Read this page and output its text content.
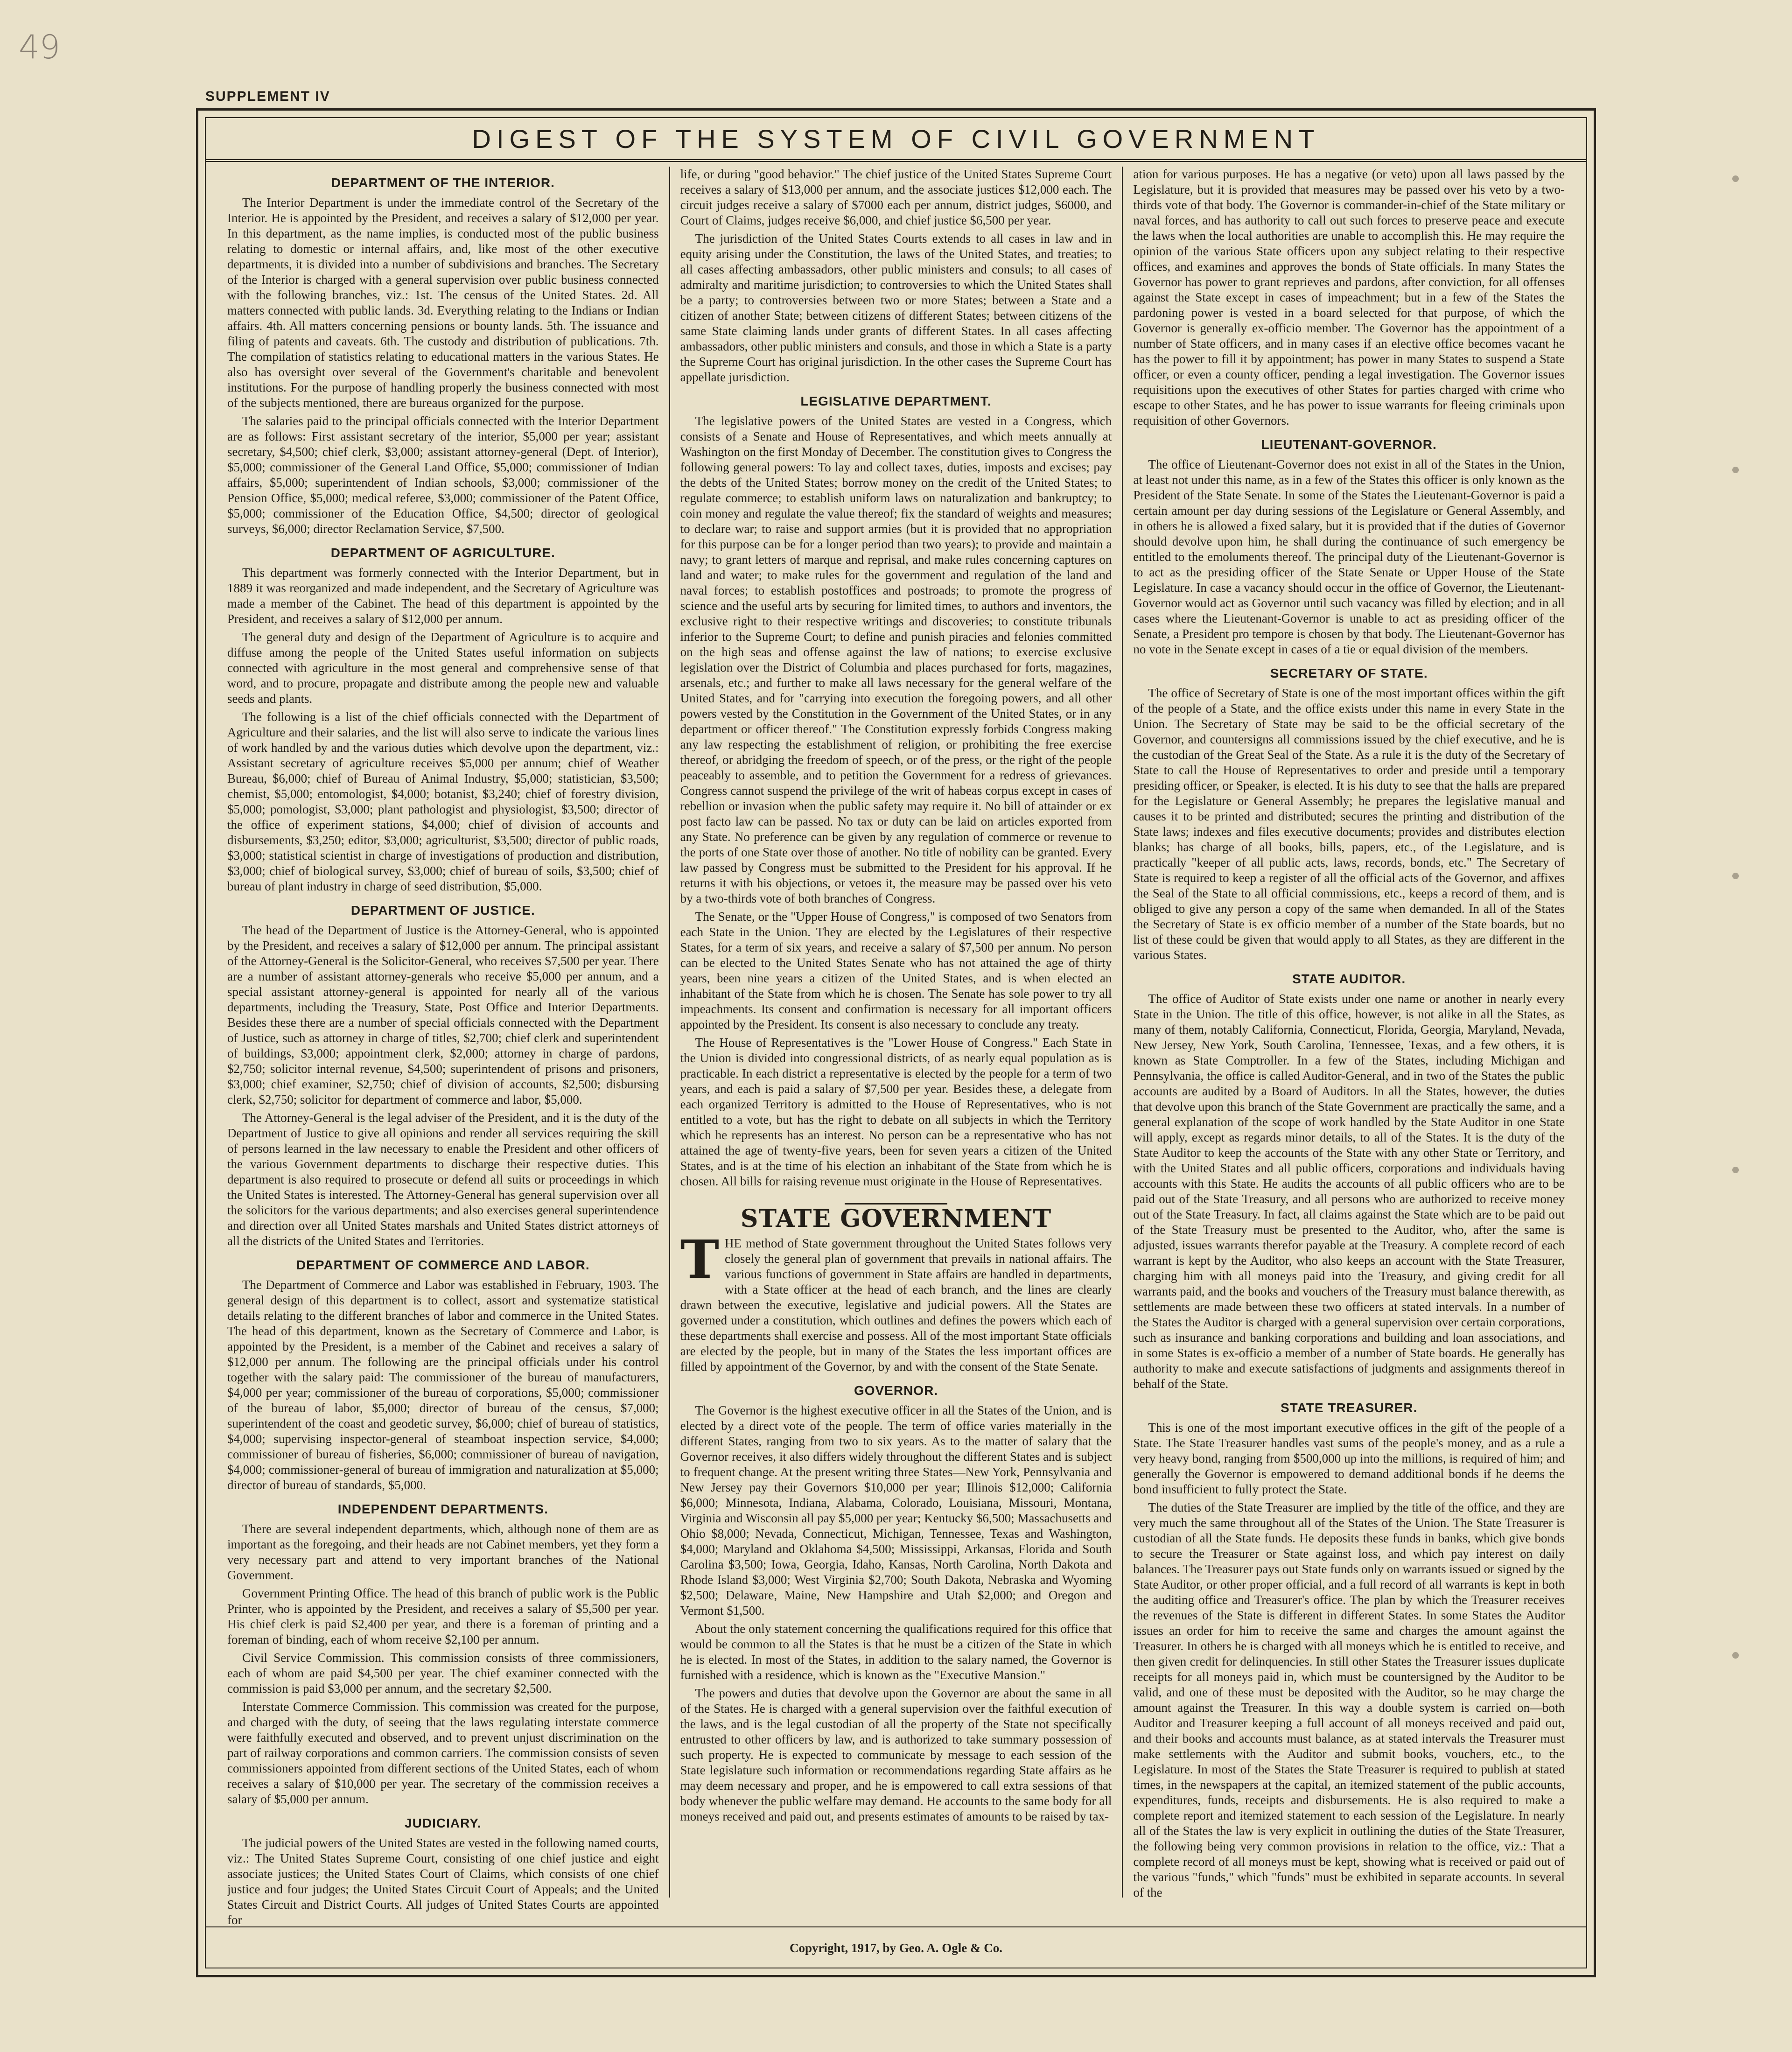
49
SUPPLEMENT IV
DIGEST OF THE SYSTEM OF CIVIL GOVERNMENT
DEPARTMENT OF THE INTERIOR.

The Interior Department is under the immediate control of the Secretary of the Interior. He is appointed by the President, and receives a salary of $12,000 per year. In this department, as the name implies, is conducted most of the public business relating to domestic or internal affairs, and, like most of the other executive departments, it is divided into a number of subdivisions and branches. The Secretary of the Interior is charged with a general supervision over public business connected with the following branches, viz.: 1st. The census of the United States. 2d. All matters connected with public lands. 3d. Everything relating to the Indians or Indian affairs. 4th. All matters concerning pensions or bounty lands. 5th. The issuance and filing of patents and caveats. 6th. The custody and distribution of publications. 7th. The compilation of statistics relating to educational matters in the various States. He also has oversight over several of the Government's charitable and benevolent institutions. For the purpose of handling properly the business connected with most of the subjects mentioned, there are bureaus organized for the purpose.

The salaries paid to the principal officials connected with the Interior Department are as follows: First assistant secretary of the interior, $5,000 per year; assistant secretary, $4,500; chief clerk, $3,000; assistant attorney-general (Dept. of Interior), $5,000; commissioner of the General Land Office, $5,000; commissioner of Indian affairs, $5,000; superintendent of Indian schools, $3,000; commissioner of the Pension Office, $5,000; medical referee, $3,000; commissioner of the Patent Office, $5,000; commissioner of the Education Office, $4,500; director of geological surveys, $6,000; director Reclamation Service, $7,500.

DEPARTMENT OF AGRICULTURE.

This department was formerly connected with the Interior Department, but in 1889 it was reorganized and made independent, and the Secretary of Agriculture was made a member of the Cabinet. The head of this department is appointed by the President, and receives a salary of $12,000 per annum.

The general duty and design of the Department of Agriculture is to acquire and diffuse among the people of the United States useful information on subjects connected with agriculture in the most general and comprehensive sense of that word, and to procure, propagate and distribute among the people new and valuable seeds and plants.

The following is a list of the chief officials connected with the Department of Agriculture and their salaries, and the list will also serve to indicate the various lines of work handled by and the various duties which devolve upon the department, viz.: Assistant secretary of agriculture receives $5,000 per annum; chief of Weather Bureau, $6,000; chief of Bureau of Animal Industry, $5,000; statistician, $3,500; chemist, $5,000; entomologist, $4,000; botanist, $3,240; chief of forestry division, $5,000; pomologist, $3,000; plant pathologist and physiologist, $3,500; director of the office of experiment stations, $4,000; chief of division of accounts and disbursements, $3,250; editor, $3,000; agriculturist, $3,500; director of public roads, $3,000; statistical scientist in charge of investigations of production and distribution, $3,000; chief of biological survey, $3,000; chief of bureau of soils, $3,500; chief of bureau of plant industry in charge of seed distribution, $5,000.

DEPARTMENT OF JUSTICE.

The head of the Department of Justice is the Attorney-General, who is appointed by the President, and receives a salary of $12,000 per annum. The principal assistant of the Attorney-General is the Solicitor-General, who receives $7,500 per year. There are a number of assistant attorney-generals who receive $5,000 per annum, and a special assistant attorney-general is appointed for nearly all of the various departments, including the Treasury, State, Post Office and Interior Departments. Besides these there are a number of special officials connected with the Department of Justice, such as attorney in charge of titles, $2,700; chief clerk and superintendent of buildings, $3,000; appointment clerk, $2,000; attorney in charge of pardons, $2,750; solicitor internal revenue, $4,500; superintendent of prisons and prisoners, $3,000; chief examiner, $2,750; chief of division of accounts, $2,500; disbursing clerk, $2,750; solicitor for department of commerce and labor, $5,000.

The Attorney-General is the legal adviser of the President, and it is the duty of the Department of Justice to give all opinions and render all services requiring the skill of persons learned in the law necessary to enable the President and other officers of the various Government departments to discharge their respective duties. This department is also required to prosecute or defend all suits or proceedings in which the United States is interested. The Attorney-General has general supervision over all the solicitors for the various departments; and also exercises general superintendence and direction over all United States marshals and United States district attorneys of all the districts of the United States and Territories.

DEPARTMENT OF COMMERCE AND LABOR.

The Department of Commerce and Labor was established in February, 1903. The general design of this department is to collect, assort and systematize statistical details relating to the different branches of labor and commerce in the United States. The head of this department, known as the Secretary of Commerce and Labor, is appointed by the President, is a member of the Cabinet and receives a salary of $12,000 per annum. The following are the principal officials under his control together with the salary paid: The commissioner of the bureau of manufacturers, $4,000 per year; commissioner of the bureau of corporations, $5,000; commissioner of the bureau of labor, $5,000; director of bureau of the census, $7,000; superintendent of the coast and geodetic survey, $6,000; chief of bureau of statistics, $4,000; supervising inspector-general of steamboat inspection service, $4,000; commissioner of bureau of fisheries, $6,000; commissioner of bureau of navigation, $4,000; commissioner-general of bureau of immigration and naturalization at $5,000; director of bureau of standards, $5,000.

INDEPENDENT DEPARTMENTS.

There are several independent departments, which, although none of them are as important as the foregoing, and their heads are not Cabinet members, yet they form a very necessary part and attend to very important branches of the National Government.

Government Printing Office. The head of this branch of public work is the Public Printer, who is appointed by the President, and receives a salary of $5,500 per year. His chief clerk is paid $2,400 per year, and there is a foreman of printing and a foreman of binding, each of whom receive $2,100 per annum.

Civil Service Commission. This commission consists of three commissioners, each of whom are paid $4,500 per year. The chief examiner connected with the commission is paid $3,000 per annum, and the secretary $2,500.

Interstate Commerce Commission. This commission was created for the purpose, and charged with the duty, of seeing that the laws regulating interstate commerce were faithfully executed and observed, and to prevent unjust discrimination on the part of railway corporations and common carriers. The commission consists of seven commissioners appointed from different sections of the United States, each of whom receives a salary of $10,000 per year. The secretary of the commission receives a salary of $5,000 per annum.

JUDICIARY.

The judicial powers of the United States are vested in the following named courts, viz.: The United States Supreme Court, consisting of one chief justice and eight associate justices; the United States Court of Claims, which consists of one chief justice and four judges; the United States Circuit Court of Appeals; and the United States Circuit and District Courts. All judges of United States Courts are appointed for

life, or during "good behavior." The chief justice of the United States Supreme Court receives a salary of $13,000 per annum, and the associate justices $12,000 each. The circuit judges receive a salary of $7000 each per annum, district judges, $6000, and Court of Claims, judges receive $6,000, and chief justice $6,500 per year.

The jurisdiction of the United States Courts extends to all cases in law and in equity arising under the Constitution, the laws of the United States, and treaties; to all cases affecting ambassadors, other public ministers and consuls; to all cases of admiralty and maritime jurisdiction; to controversies to which the United States shall be a party; to controversies between two or more States; between a State and a citizen of another State; between citizens of different States; between citizens of the same State claiming lands under grants of different States. In all cases affecting ambassadors, other public ministers and consuls, and those in which a State is a party the Supreme Court has original jurisdiction. In the other cases the Supreme Court has appellate jurisdiction.

LEGISLATIVE DEPARTMENT.

The legislative powers of the United States are vested in a Congress, which consists of a Senate and House of Representatives, and which meets annually at Washington on the first Monday of December. The constitution gives to Congress the following general powers: To lay and collect taxes, duties, imposts and excises; pay the debts of the United States; borrow money on the credit of the United States; to regulate commerce; to establish uniform laws on naturalization and bankruptcy; to coin money and regulate the value thereof; fix the standard of weights and measures; to declare war; to raise and support armies (but it is provided that no appropriation for this purpose can be for a longer period than two years); to provide and maintain a navy; to grant letters of marque and reprisal, and make rules concerning captures on land and water; to make rules for the government and regulation of the land and naval forces; to establish postoffices and postroads; to promote the progress of science and the useful arts by securing for limited times, to authors and inventors, the exclusive right to their respective writings and discoveries; to constitute tribunals inferior to the Supreme Court; to define and punish piracies and felonies committed on the high seas and offense against the law of nations; to exercise exclusive legislation over the District of Columbia and places purchased for forts, magazines, arsenals, etc.; and further to make all laws necessary for the general welfare of the United States, and for "carrying into execution the foregoing powers, and all other powers vested by the Constitution in the Government of the United States, or in any department or officer thereof." The Constitution expressly forbids Congress making any law respecting the establishment of religion, or prohibiting the free exercise thereof, or abridging the freedom of speech, or of the press, or the right of the people peaceably to assemble, and to petition the Government for a redress of grievances. Congress cannot suspend the privilege of the writ of habeas corpus except in cases of rebellion or invasion when the public safety may require it. No bill of attainder or ex post facto law can be passed. No tax or duty can be laid on articles exported from any State. No preference can be given by any regulation of commerce or revenue to the ports of one State over those of another. No title of nobility can be granted. Every law passed by Congress must be submitted to the President for his approval. If he returns it with his objections, or vetoes it, the measure may be passed over his veto by a two-thirds vote of both branches of Congress.

The Senate, or the "Upper House of Congress," is composed of two Senators from each State in the Union. They are elected by the Legislatures of their respective States, for a term of six years, and receive a salary of $7,500 per annum. No person can be elected to the United States Senate who has not attained the age of thirty years, been nine years a citizen of the United States, and is when elected an inhabitant of the State from which he is chosen. The Senate has sole power to try all impeachments. Its consent and confirmation is necessary for all important officers appointed by the President. Its consent is also necessary to conclude any treaty.

The House of Representatives is the "Lower House of Congress." Each State in the Union is divided into congressional districts, of as nearly equal population as is practicable. In each district a representative is elected by the people for a term of two years, and each is paid a salary of $7,500 per year. Besides these, a delegate from each organized Territory is admitted to the House of Representatives, who is not entitled to a vote, but has the right to debate on all subjects in which the Territory which he represents has an interest. No person can be a representative who has not attained the age of twenty-five years, been for seven years a citizen of the United States, and is at the time of his election an inhabitant of the State from which he is chosen. All bills for raising revenue must originate in the House of Representatives.

STATE GOVERNMENT
T HE method of State government throughout the United States follows very closely the general plan of government that prevails in national affairs. The various functions of government in State affairs are handled in departments, with a State officer at the head of each branch, and the lines are clearly drawn between the executive, legislative and judicial powers. All the States are governed under a constitution, which outlines and defines the powers which each of these departments shall exercise and possess. All of the most important State officials are elected by the people, but in many of the States the less important offices are filled by appointment of the Governor, by and with the consent of the State Senate.

GOVERNOR.

The Governor is the highest executive officer in all the States of the Union, and is elected by a direct vote of the people. The term of office varies materially in the different States, ranging from two to six years. As to the matter of salary that the Governor receives, it also differs widely throughout the different States and is subject to frequent change. At the present writing three States—New York, Pennsylvania and New Jersey pay their Governors $10,000 per year; Illinois $12,000; California $6,000; Minnesota, Indiana, Alabama, Colorado, Louisiana, Missouri, Montana, Virginia and Wisconsin all pay $5,000 per year; Kentucky $6,500; Massachusetts and Ohio $8,000; Nevada, Connecticut, Michigan, Tennessee, Texas and Washington, $4,000; Maryland and Oklahoma $4,500; Mississippi, Arkansas, Florida and South Carolina $3,500; Iowa, Georgia, Idaho, Kansas, North Carolina, North Dakota and Rhode Island $3,000; West Virginia $2,700; South Dakota, Nebraska and Wyoming $2,500; Delaware, Maine, New Hampshire and Utah $2,000; and Oregon and Vermont $1,500.

About the only statement concerning the qualifications required for this office that would be common to all the States is that he must be a citizen of the State in which he is elected. In most of the States, in addition to the salary named, the Governor is furnished with a residence, which is known as the "Executive Mansion."

The powers and duties that devolve upon the Governor are about the same in all of the States. He is charged with a general supervision over the faithful execution of the laws, and is the legal custodian of all the property of the State not specifically entrusted to other officers by law, and is authorized to take summary possession of such property. He is expected to communicate by message to each session of the State legislature such information or recommendations regarding State affairs as he may deem necessary and proper, and he is empowered to call extra sessions of that body whenever the public welfare may demand. He accounts to the same body for all moneys received and paid out, and presents estimates of amounts to be raised by tax-

ation for various purposes. He has a negative (or veto) upon all laws passed by the Legislature, but it is provided that measures may be passed over his veto by a two-thirds vote of that body. The Governor is commander-in-chief of the State military or naval forces, and has authority to call out such forces to preserve peace and execute the laws when the local authorities are unable to accomplish this. He may require the opinion of the various State officers upon any subject relating to their respective offices, and examines and approves the bonds of State officials. In many States the Governor has power to grant reprieves and pardons, after conviction, for all offenses against the State except in cases of impeachment; but in a few of the States the pardoning power is vested in a board selected for that purpose, of which the Governor is generally ex-officio member. The Governor has the appointment of a number of State officers, and in many cases if an elective office becomes vacant he has the power to fill it by appointment; has power in many States to suspend a State officer, or even a county officer, pending a legal investigation. The Governor issues requisitions upon the executives of other States for parties charged with crime who escape to other States, and he has power to issue warrants for fleeing criminals upon requisition of other Governors.

LIEUTENANT-GOVERNOR.

The office of Lieutenant-Governor does not exist in all of the States in the Union, at least not under this name, as in a few of the States this officer is only known as the President of the State Senate. In some of the States the Lieutenant-Governor is paid a certain amount per day during sessions of the Legislature or General Assembly, and in others he is allowed a fixed salary, but it is provided that if the duties of Governor should devolve upon him, he shall during the continuance of such emergency be entitled to the emoluments thereof. The principal duty of the Lieutenant-Governor is to act as the presiding officer of the State Senate or Upper House of the State Legislature. In case a vacancy should occur in the office of Governor, the Lieutenant-Governor would act as Governor until such vacancy was filled by election; and in all cases where the Lieutenant-Governor is unable to act as presiding officer of the Senate, a President pro tempore is chosen by that body. The Lieutenant-Governor has no vote in the Senate except in cases of a tie or equal division of the members.

SECRETARY OF STATE.

The office of Secretary of State is one of the most important offices within the gift of the people of a State, and the office exists under this name in every State in the Union. The Secretary of State may be said to be the official secretary of the Governor, and countersigns all commissions issued by the chief executive, and he is the custodian of the Great Seal of the State. As a rule it is the duty of the Secretary of State to call the House of Representatives to order and preside until a temporary presiding officer, or Speaker, is elected. It is his duty to see that the halls are prepared for the Legislature or General Assembly; he prepares the legislative manual and causes it to be printed and distributed; secures the printing and distribution of the State laws; indexes and files executive documents; provides and distributes election blanks; has charge of all books, bills, papers, etc., of the Legislature, and is practically "keeper of all public acts, laws, records, bonds, etc." The Secretary of State is required to keep a register of all the official acts of the Governor, and affixes the Seal of the State to all official commissions, etc., keeps a record of them, and is obliged to give any person a copy of the same when demanded. In all of the States the Secretary of State is ex officio member of a number of the State boards, but no list of these could be given that would apply to all States, as they are different in the various States.

STATE AUDITOR.

The office of Auditor of State exists under one name or another in nearly every State in the Union. The title of this office, however, is not alike in all the States, as many of them, notably California, Connecticut, Florida, Georgia, Maryland, Nevada, New Jersey, New York, South Carolina, Tennessee, Texas, and a few others, it is known as State Comptroller. In a few of the States, including Michigan and Pennsylvania, the office is called Auditor-General, and in two of the States the public accounts are audited by a Board of Auditors. In all the States, however, the duties that devolve upon this branch of the State Government are practically the same, and a general explanation of the scope of work handled by the State Auditor in one State will apply, except as regards minor details, to all of the States. It is the duty of the State Auditor to keep the accounts of the State with any other State or Territory, and with the United States and all public officers, corporations and individuals having accounts with this State. He audits the accounts of all public officers who are to be paid out of the State Treasury, and all persons who are authorized to receive money out of the State Treasury. In fact, all claims against the State which are to be paid out of the State Treasury must be presented to the Auditor, who, after the same is adjusted, issues warrants therefor payable at the Treasury. A complete record of each warrant is kept by the Auditor, who also keeps an account with the State Treasurer, charging him with all moneys paid into the Treasury, and giving credit for all warrants paid, and the books and vouchers of the Treasury must balance therewith, as settlements are made between these two officers at stated intervals. In a number of the States the Auditor is charged with a general supervision over certain corporations, such as insurance and banking corporations and building and loan associations, and in some States is ex-officio a member of a number of State boards. He generally has authority to make and execute satisfactions of judgments and assignments thereof in behalf of the State.

STATE TREASURER.

This is one of the most important executive offices in the gift of the people of a State. The State Treasurer handles vast sums of the people's money, and as a rule a very heavy bond, ranging from $500,000 up into the millions, is required of him; and generally the Governor is empowered to demand additional bonds if he deems the bond insufficient to fully protect the State.

The duties of the State Treasurer are implied by the title of the office, and they are very much the same throughout all of the States of the Union. The State Treasurer is custodian of all the State funds. He deposits these funds in banks, which give bonds to secure the Treasurer or State against loss, and which pay interest on daily balances. The Treasurer pays out State funds only on warrants issued or signed by the State Auditor, or other proper official, and a full record of all warrants is kept in both the auditing office and Treasurer's office. The plan by which the Treasurer receives the revenues of the State is different in different States. In some States the Auditor issues an order for him to receive the same and charges the amount against the Treasurer. In others he is charged with all moneys which he is entitled to receive, and then given credit for delinquencies. In still other States the Treasurer issues duplicate receipts for all moneys paid in, which must be countersigned by the Auditor to be valid, and one of these must be deposited with the Auditor, so he may charge the amount against the Treasurer. In this way a double system is carried on—both Auditor and Treasurer keeping a full account of all moneys received and paid out, and their books and accounts must balance, as at stated intervals the Treasurer must make settlements with the Auditor and submit books, vouchers, etc., to the Legislature. In most of the States the State Treasurer is required to publish at stated times, in the newspapers at the capital, an itemized statement of the public accounts, expenditures, funds, receipts and disbursements. He is also required to make a complete report and itemized statement to each session of the Legislature. In nearly all of the States the law is very explicit in outlining the duties of the State Treasurer, the following being very common provisions in relation to the office, viz.: That a complete record of all moneys must be kept, showing what is received or paid out of the various "funds," which "funds" must be exhibited in separate accounts. In several of the

Copyright, 1917, by Geo. A. Ogle & Co.
